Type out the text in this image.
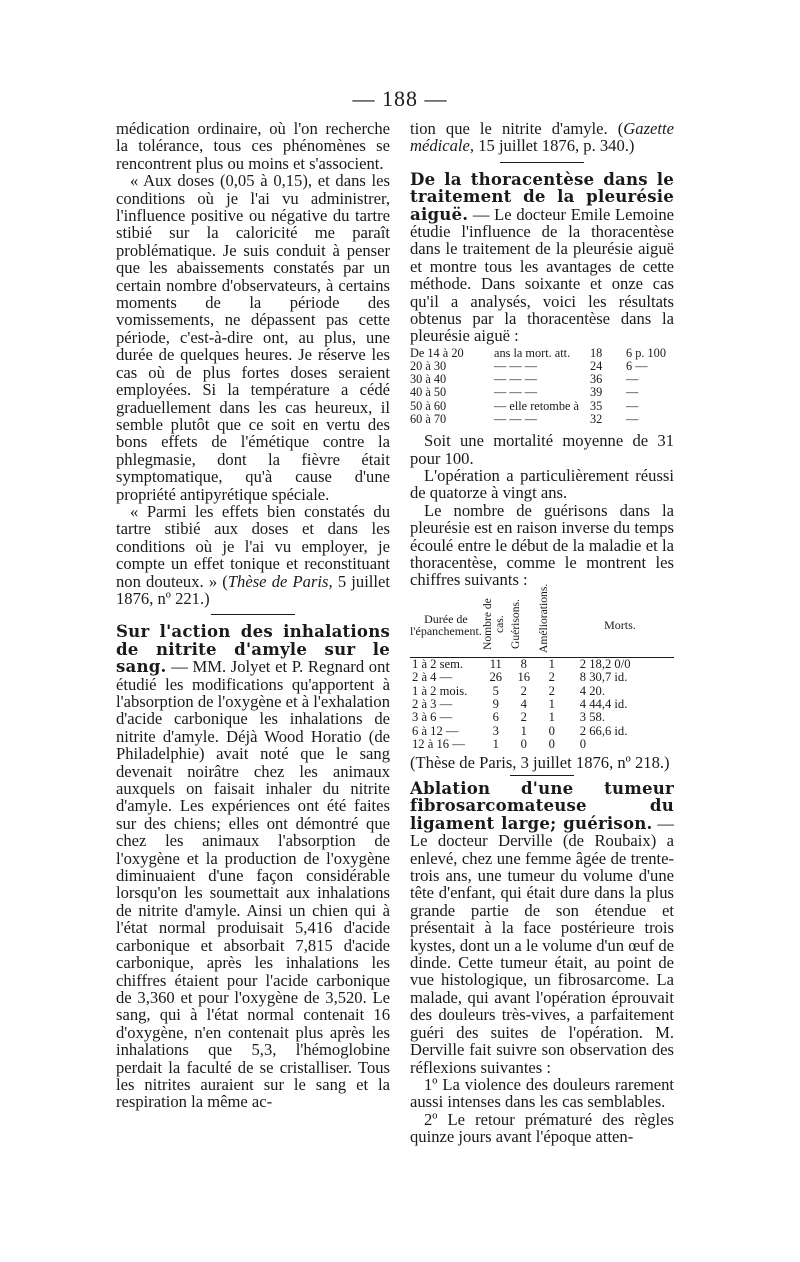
— 188 —

médication ordinaire, où l'on recherche la tolérance, tous ces phénomènes se rencontrent plus ou moins et s'associent.

« Aux doses (0,05 à 0,15), et dans les conditions où je l'ai vu administrer, l'influence positive ou négative du tartre stibié sur la caloricité me paraît problématique. Je suis conduit à penser que les abaissements constatés par un certain nombre d'observateurs, à certains moments de la période des vomissements, ne dépassent pas cette période, c'est-à-dire ont, au plus, une durée de quelques heures. Je réserve les cas où de plus fortes doses seraient employées. Si la température a cédé graduellement dans les cas heureux, il semble plutôt que ce soit en vertu des bons effets de l'émétique contre la phlegmasie, dont la fièvre était symptomatique, qu'à cause d'une propriété antipyrétique spéciale.

« Parmi les effets bien constatés du tartre stibié aux doses et dans les conditions où je l'ai vu employer, je compte un effet tonique et reconstituant non douteux. » (Thèse de Paris, 5 juillet 1876, nº 221.)

Sur l'action des inhalations de nitrite d'amyle sur le sang. — MM. Jolyet et P. Regnard ont étudié les modifications qu'apportent à l'absorption de l'oxygène et à l'exhalation d'acide carbonique les inhalations de nitrite d'amyle. Déjà Wood Horatio (de Philadelphie) avait noté que le sang devenait noirâtre chez les animaux auxquels on faisait inhaler du nitrite d'amyle. Les expériences ont été faites sur des chiens; elles ont démontré que chez les animaux l'absorption de l'oxygène et la production de l'oxygène diminuaient d'une façon considérable lorsqu'on les soumettait aux inhalations de nitrite d'amyle. Ainsi un chien qui à l'état normal produisait 5,416 d'acide carbonique et absorbait 7,815 d'acide carbonique, après les inhalations les chiffres étaient pour l'acide carbonique de 3,360 et pour l'oxygène de 3,520. Le sang, qui à l'état normal contenait 16 d'oxygène, n'en contenait plus après les inhalations que 5,3, l'hémoglobine perdait la faculté de se cristalliser. Tous les nitrites auraient sur le sang et la respiration la même ac-

tion que le nitrite d'amyle. (Gazette médicale, 15 juillet 1876, p. 340.)

De la thoracentèse dans le traitement de la pleurésie aiguë. — Le docteur Emile Lemoine étudie l'influence de la thoracentèse dans le traitement de la pleurésie aiguë et montre tous les avantages de cette méthode. Dans soixante et onze cas qu'il a analysés, voici les résultats obtenus par la thoracentèse dans la pleurésie aiguë :

De 14 à 20	ans la mort. att.	18	6 p. 100
20 à 30	— — —	24	6 —
30 à 40	— — —	36	—
40 à 50	— — —	39	—
50 à 60	— elle retombe à 35	—
60 à 70	— — —	32	—

Soit une mortalité moyenne de 31 pour 100.

L'opération a particulièrement réussi de quatorze à vingt ans.

Le nombre de guérisons dans la pleurésie est en raison inverse du temps écoulé entre le début de la maladie et la thoracentèse, comme le montrent les chiffres suivants :

Durée de l'épanchement.	Nombre de cas.	Guérisons.	Améliorations.	Morts.
1 à 2 sem.	11	8	1	2 18,2 0/0
2 à 4 —	26	16	2	8 30,7 id.
1 à 2 mois.	5	2	2	4 20.
2 à 3 —	9	4	1	4 44,4 id.
3 à 6 —	6	2	1	3 58.
6 à 12 —	3	1	0	2 66,6 id.
12 à 16 —	1	0	0	0

(Thèse de Paris, 3 juillet 1876, nº 218.)

Ablation d'une tumeur fibrosarcomateuse du ligament large; guérison. — Le docteur Derville (de Roubaix) a enlevé, chez une femme âgée de trente-trois ans, une tumeur du volume d'une tête d'enfant, qui était dure dans la plus grande partie de son étendue et présentait à la face postérieure trois kystes, dont un a le volume d'un œuf de dinde. Cette tumeur était, au point de vue histologique, un fibrosarcome. La malade, qui avant l'opération éprouvait des douleurs très-vives, a parfaitement guéri des suites de l'opération. M. Derville fait suivre son observation des réflexions suivantes :

1º La violence des douleurs rarement aussi intenses dans les cas semblables.

2º Le retour prématuré des règles quinze jours avant l'époque atten-
